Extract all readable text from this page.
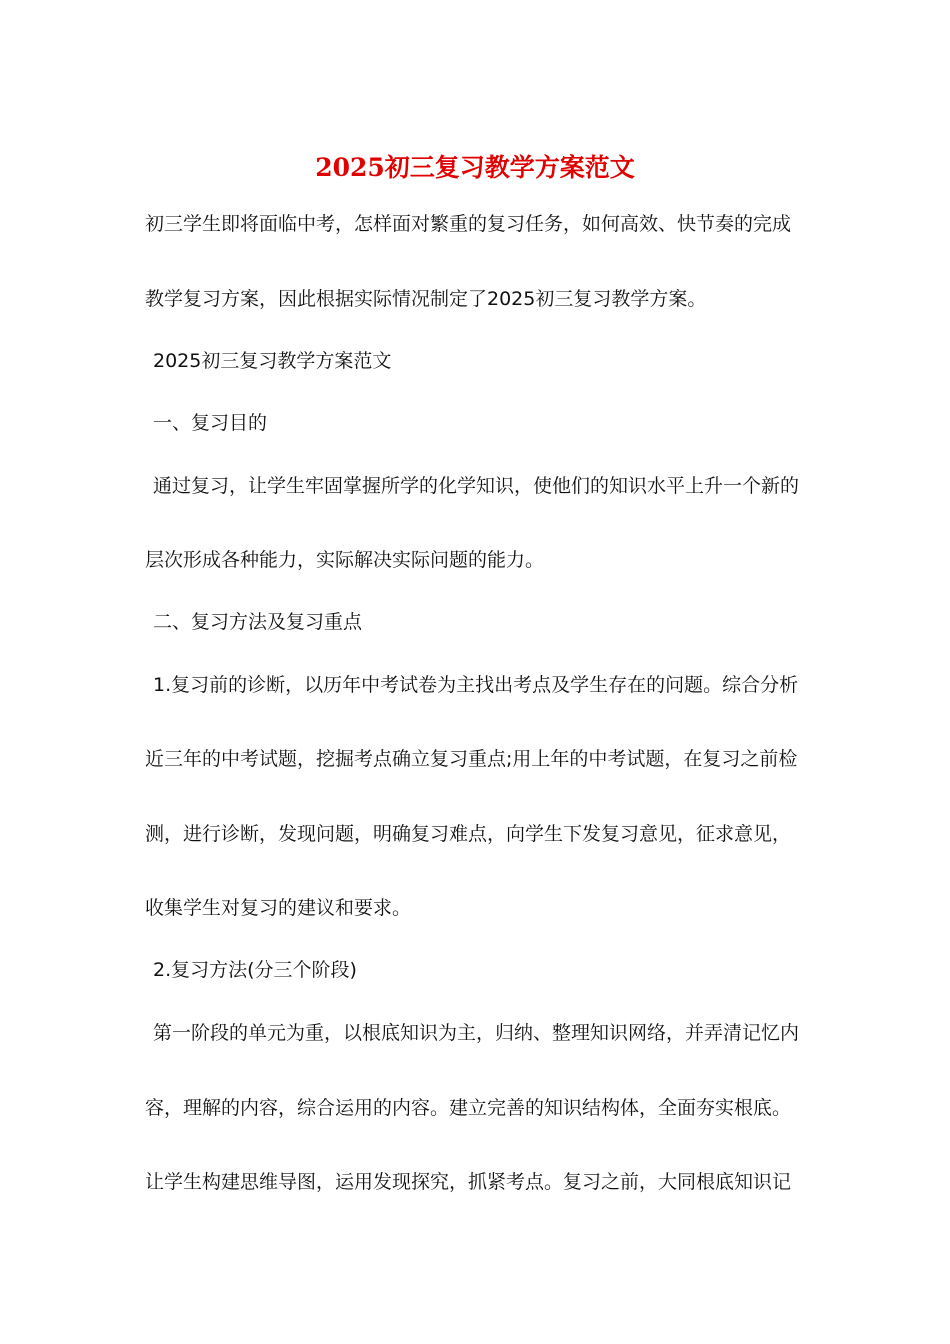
2025初三复习教学方案范文
初三学生即将面临中考，怎样面对繁重的复习任务，如何高效、快节奏的完成
教学复习方案，因此根据实际情况制定了2025初三复习教学方案。
2025初三复习教学方案范文
一、复习目的
通过复习，让学生牢固掌握所学的化学知识，使他们的知识水平上升一个新的
层次形成各种能力，实际解决实际问题的能力。
二、复习方法及复习重点
1.复习前的诊断，以历年中考试卷为主找出考点及学生存在的问题。综合分析
近三年的中考试题，挖掘考点确立复习重点;用上年的中考试题，在复习之前检
测，进行诊断，发现问题，明确复习难点，向学生下发复习意见，征求意见，
收集学生对复习的建议和要求。
2.复习方法(分三个阶段)
第一阶段的单元为重，以根底知识为主，归纳、整理知识网络，并弄清记忆内
容，理解的内容，综合运用的内容。建立完善的知识结构体，全面夯实根底。
让学生构建思维导图，运用发现探究，抓紧考点。复习之前，大同根底知识记
